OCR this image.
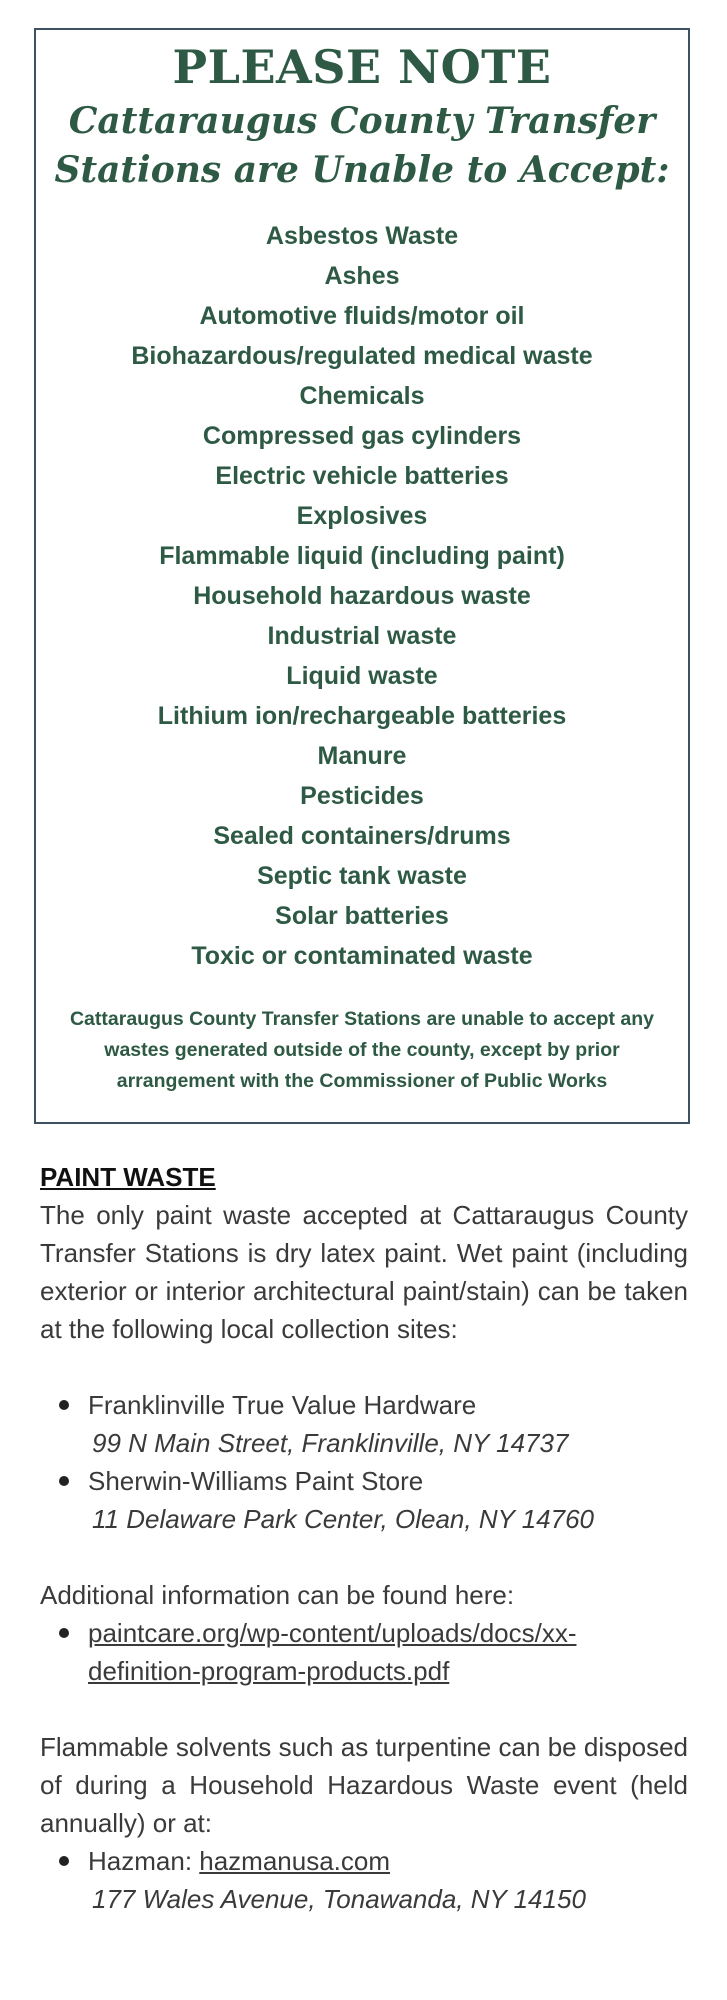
PLEASE NOTE
Cattaraugus County Transfer
Stations are Unable to Accept:
Asbestos Waste
Ashes
Automotive fluids/motor oil
Biohazardous/regulated medical waste
Chemicals
Compressed gas cylinders
Electric vehicle batteries
Explosives
Flammable liquid (including paint)
Household hazardous waste
Industrial waste
Liquid waste
Lithium ion/rechargeable batteries
Manure
Pesticides
Sealed containers/drums
Septic tank waste
Solar batteries
Toxic or contaminated waste

Cattaraugus County Transfer Stations are unable to accept any wastes generated outside of the county, except by prior arrangement with the Commissioner of Public Works

PAINT WASTE

The only paint waste accepted at Cattaraugus County Transfer Stations is dry latex paint. Wet paint (including exterior or interior architectural paint/stain) can be taken at the following local collection sites:

Franklinville True Value Hardware
99 N Main Street, Franklinville, NY 14737
Sherwin-Williams Paint Store
11 Delaware Park Center, Olean, NY 14760

Additional information can be found here:

paintcare.org/wp-content/uploads/docs/xx-
definition-program-products.pdf

Flammable solvents such as turpentine can be disposed of during a Household Hazardous Waste event (held annually) or at:

Hazman: hazmanusa.com
177 Wales Avenue, Tonawanda, NY 14150
